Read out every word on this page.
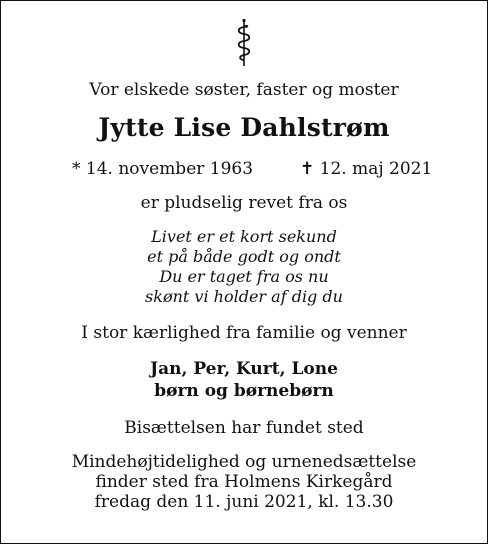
Vor elskede søster, faster og moster
Jytte Lise Dahlstrøm
* 14. november 1963	✝ 12. maj 2021
er pludselig revet fra os
Livet er et kort sekund
et på både godt og ondt
Du er taget fra os nu
skønt vi holder af dig du
I stor kærlighed fra familie og venner
Jan, Per, Kurt, Lone
børn og børnebørn
Bisættelsen har fundet sted
Mindehøjtidelighed og urnenedsættelse
finder sted fra Holmens Kirkegård
fredag den 11. juni 2021, kl. 13.30
